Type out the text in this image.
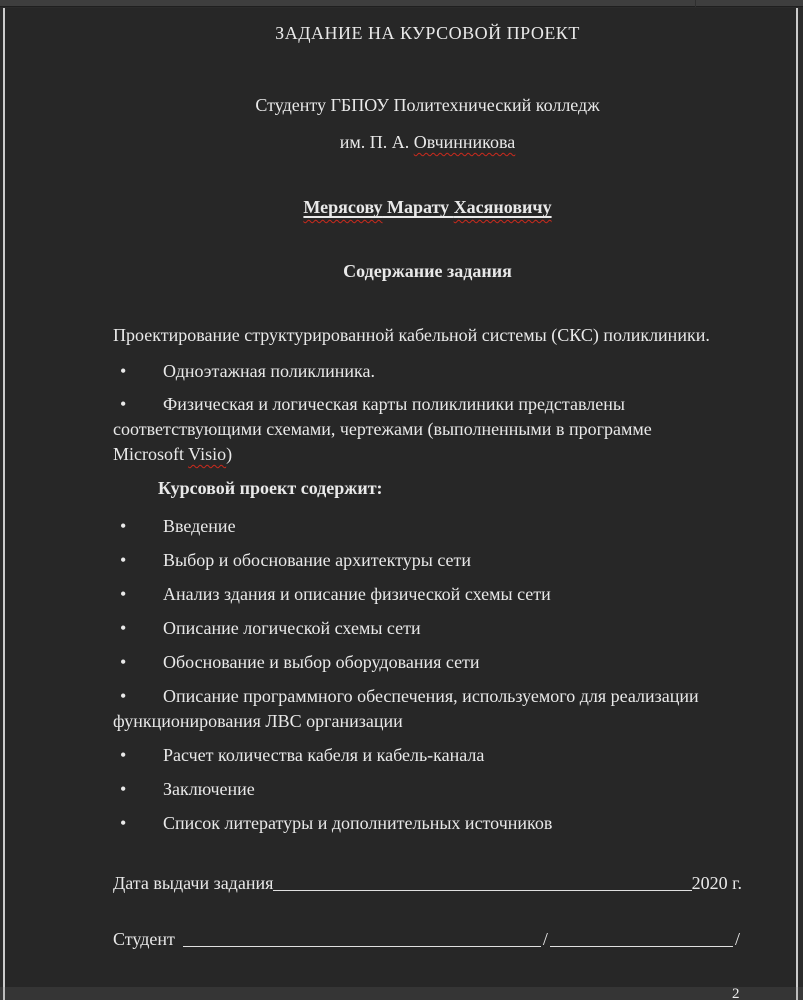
ЗАДАНИЕ НА КУРСОВОЙ ПРОЕКТ

Студенту ГБПОУ Политехнический колледж

им. П. А. Овчинникова

Мерясову Марату Хасяновичу

Содержание задания

Проектирование структурированной кабельной системы (СКС) поликлиники.

• Одноэтажная поликлиника.

• Физическая и логическая карты поликлиники представлены соответствующими схемами, чертежами (выполненными в программе Microsoft Visio)

Курсовой проект содержит:

• Введение

• Выбор и обоснование архитектуры сети

• Анализ здания и описание физической схемы сети

• Описание логической схемы сети

• Обоснование и выбор оборудования сети

• Описание программного обеспечения, используемого для реализации функционирования ЛВС организации

• Расчет количества кабеля и кабель-канала

• Заключение

• Список литературы и дополнительных источников

Дата выдачи задания	2020 г.
Студент	/	/
2
